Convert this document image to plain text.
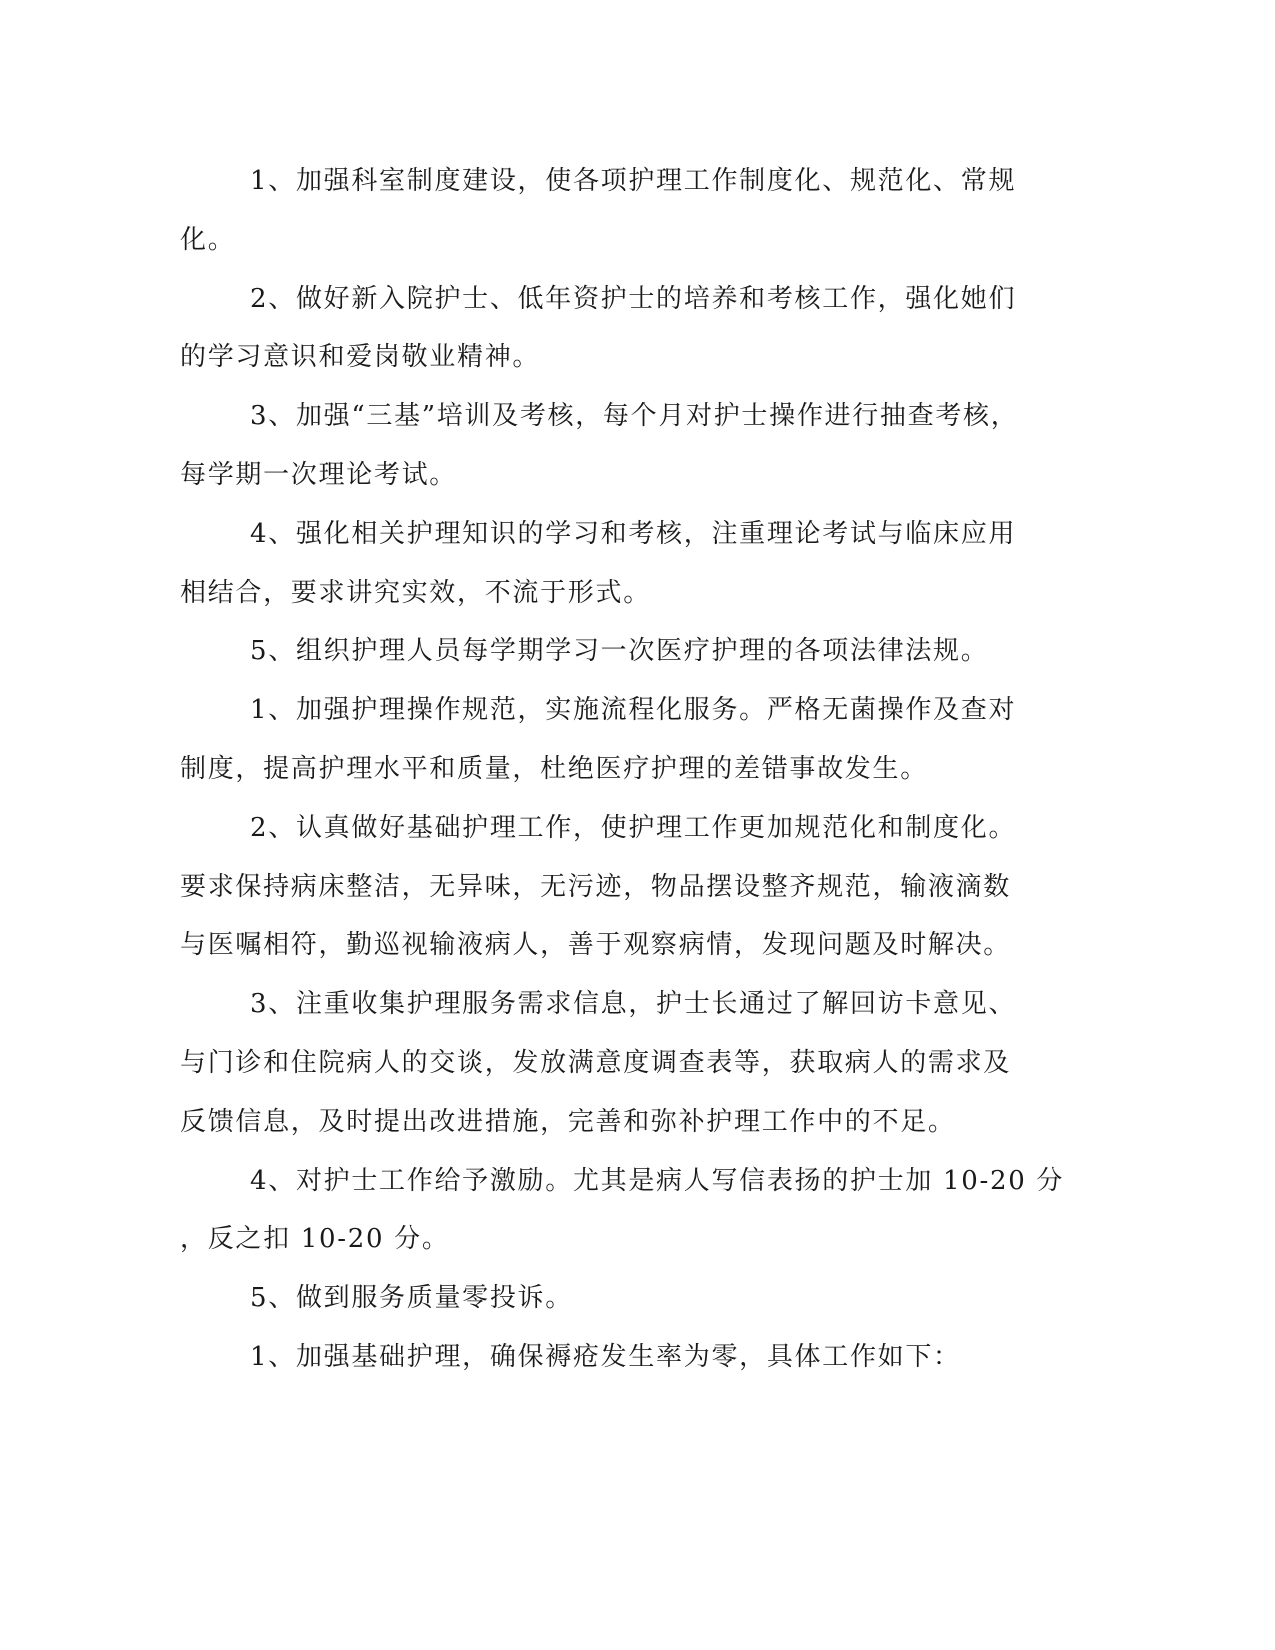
1、加强科室制度建设，使各项护理工作制度化、规范化、常规
化。
2、做好新入院护士、低年资护士的培养和考核工作，强化她们
的学习意识和爱岗敬业精神。
3、加强“三基”培训及考核，每个月对护士操作进行抽查考核，
每学期一次理论考试。
4、强化相关护理知识的学习和考核，注重理论考试与临床应用
相结合，要求讲究实效，不流于形式。
5、组织护理人员每学期学习一次医疗护理的各项法律法规。
1、加强护理操作规范，实施流程化服务。严格无菌操作及查对
制度，提高护理水平和质量，杜绝医疗护理的差错事故发生。
2、认真做好基础护理工作，使护理工作更加规范化和制度化。
要求保持病床整洁，无异味，无污迹，物品摆设整齐规范，输液滴数
与医嘱相符，勤巡视输液病人，善于观察病情，发现问题及时解决。
3、注重收集护理服务需求信息，护士长通过了解回访卡意见、
与门诊和住院病人的交谈，发放满意度调查表等，获取病人的需求及
反馈信息，及时提出改进措施，完善和弥补护理工作中的不足。
4、对护士工作给予激励。尤其是病人写信表扬的护士加 10-20 分
，反之扣 10-20 分。
5、做到服务质量零投诉。
1、加强基础护理，确保褥疮发生率为零，具体工作如下：
